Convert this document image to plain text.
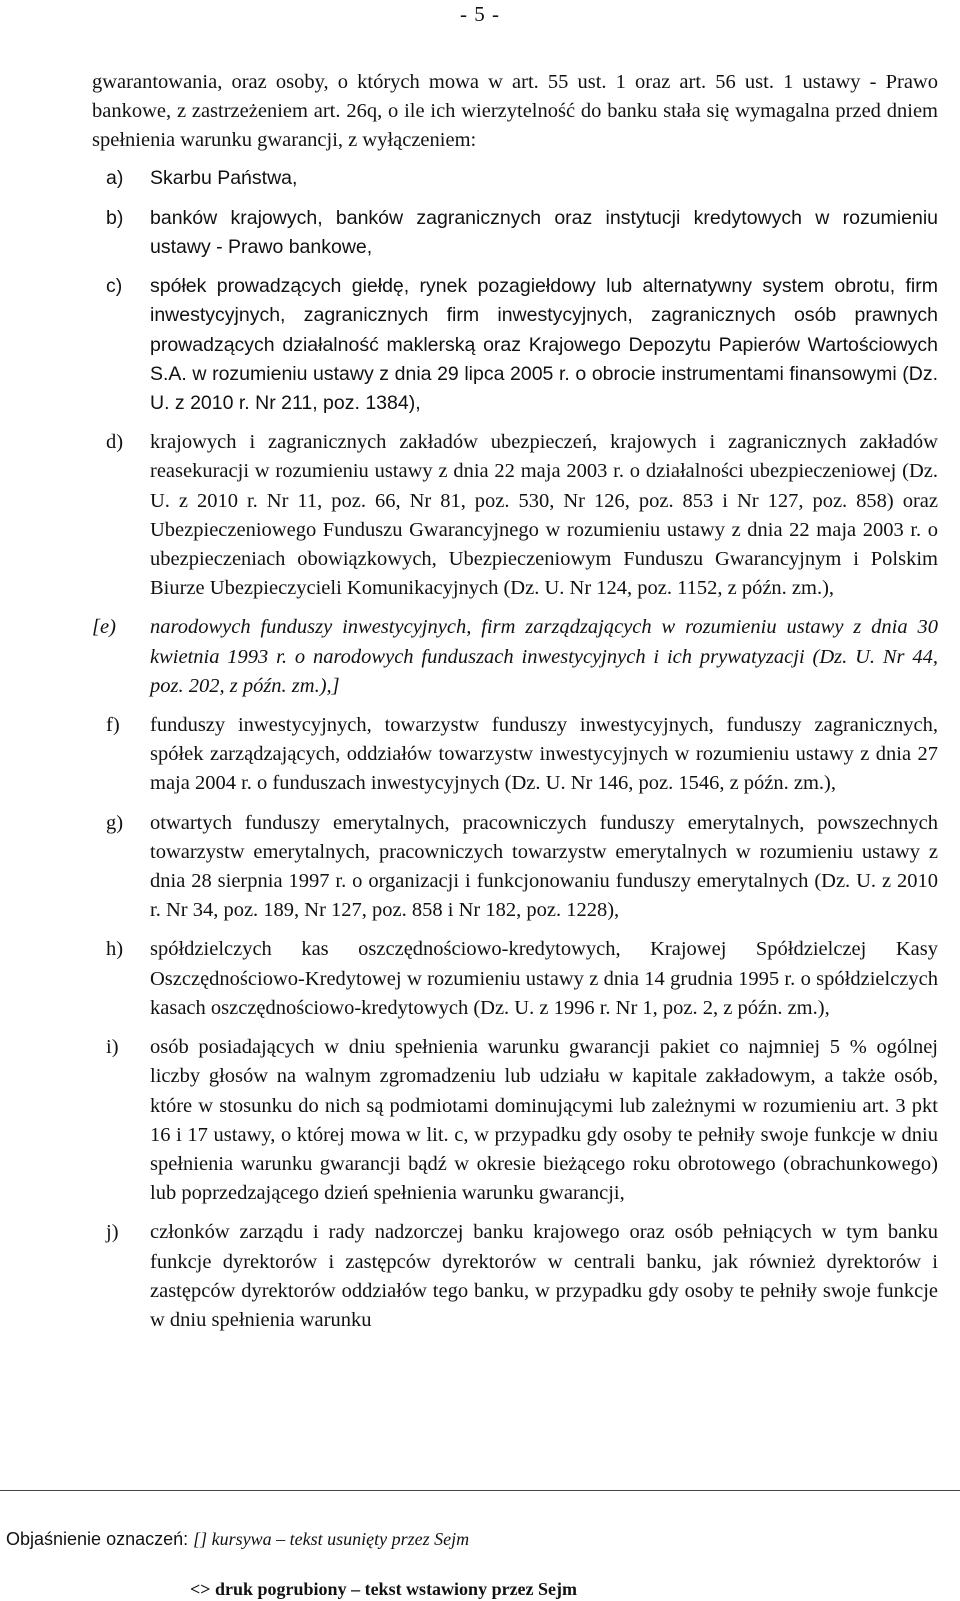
- 5 -

gwarantowania, oraz osoby, o których mowa w art. 55 ust. 1 oraz art. 56 ust. 1 ustawy - Prawo bankowe, z zastrzeżeniem art. 26q, o ile ich wierzytelność do banku stała się wymagalna przed dniem spełnienia warunku gwarancji, z wyłączeniem:

a)	Skarbu Państwa,
b)	banków krajowych, banków zagranicznych oraz instytucji kredytowych w rozumieniu ustawy - Prawo bankowe,
c)	spółek prowadzących giełdę, rynek pozagiełdowy lub alternatywny system obrotu, firm inwestycyjnych, zagranicznych firm inwestycyjnych, zagranicznych osób prawnych prowadzących działalność maklerską oraz Krajowego Depozytu Papierów Wartościowych S.A. w rozumieniu ustawy z dnia 29 lipca 2005 r. o obrocie instrumentami finansowymi (Dz. U. z 2010 r. Nr 211, poz. 1384),
d)	krajowych i zagranicznych zakładów ubezpieczeń, krajowych i zagranicznych zakładów reasekuracji w rozumieniu ustawy z dnia 22 maja 2003 r. o działalności ubezpieczeniowej (Dz. U. z 2010 r. Nr 11, poz. 66, Nr 81, poz. 530, Nr 126, poz. 853 i Nr 127, poz. 858) oraz Ubezpieczeniowego Funduszu Gwarancyjnego w rozumieniu ustawy z dnia 22 maja 2003 r. o ubezpieczeniach obowiązkowych, Ubezpieczeniowym Funduszu Gwarancyjnym i Polskim Biurze Ubezpieczycieli Komunikacyjnych (Dz. U. Nr 124, poz. 1152, z późn. zm.),
[e)	narodowych funduszy inwestycyjnych, firm zarządzających w rozumieniu ustawy z dnia 30 kwietnia 1993 r. o narodowych funduszach inwestycyjnych i ich prywatyzacji (Dz. U. Nr 44, poz. 202, z późn. zm.),]
f)	funduszy inwestycyjnych, towarzystw funduszy inwestycyjnych, funduszy zagranicznych, spółek zarządzających, oddziałów towarzystw inwestycyjnych w rozumieniu ustawy z dnia 27 maja 2004 r. o funduszach inwestycyjnych (Dz. U. Nr 146, poz. 1546, z późn. zm.),
g)	otwartych funduszy emerytalnych, pracowniczych funduszy emerytalnych, powszechnych towarzystw emerytalnych, pracowniczych towarzystw emerytalnych w rozumieniu ustawy z dnia 28 sierpnia 1997 r. o organizacji i funkcjonowaniu funduszy emerytalnych (Dz. U. z 2010 r. Nr 34, poz. 189, Nr 127, poz. 858 i Nr 182, poz. 1228),
h)	spółdzielczych kas oszczędnościowo-kredytowych, Krajowej Spółdzielczej Kasy Oszczędnościowo-Kredytowej w rozumieniu ustawy z dnia 14 grudnia 1995 r. o spółdzielczych kasach oszczędnościowo-kredytowych (Dz. U. z 1996 r. Nr 1, poz. 2, z późn. zm.),
i)	osób posiadających w dniu spełnienia warunku gwarancji pakiet co najmniej 5 % ogólnej liczby głosów na walnym zgromadzeniu lub udziału w kapitale zakładowym, a także osób, które w stosunku do nich są podmiotami dominującymi lub zależnymi w rozumieniu art. 3 pkt 16 i 17 ustawy, o której mowa w lit. c, w przypadku gdy osoby te pełniły swoje funkcje w dniu spełnienia warunku gwarancji bądź w okresie bieżącego roku obrotowego (obrachunkowego) lub poprzedzającego dzień spełnienia warunku gwarancji,
j)	członków zarządu i rady nadzorczej banku krajowego oraz osób pełniących w tym banku funkcje dyrektorów i zastępców dyrektorów w centrali banku, jak również dyrektorów i zastępców dyrektorów oddziałów tego banku, w przypadku gdy osoby te pełniły swoje funkcje w dniu spełnienia warunku
Objaśnienie oznaczeń: [] kursywa – tekst usunięty przez Sejm
<> druk pogrubiony – tekst wstawiony przez Sejm
